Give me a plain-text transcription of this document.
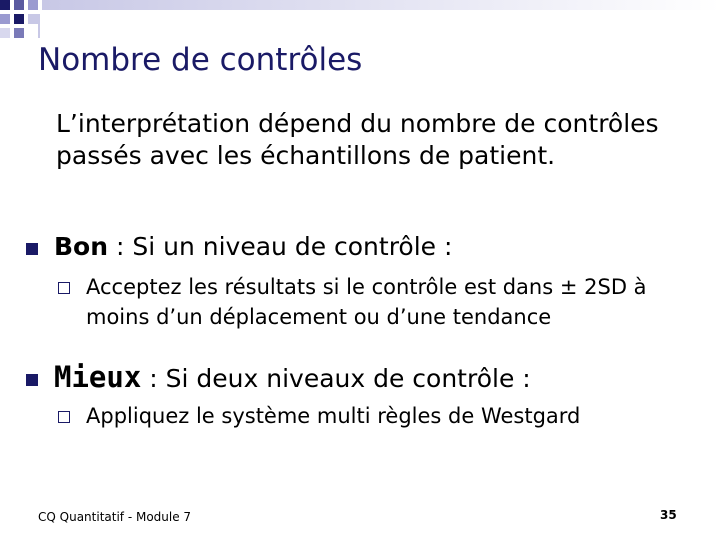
Nombre de contrôles
L’interprétation dépend du nombre de contrôles passés avec les échantillons de patient.
Bon : Si un niveau de contrôle :
Acceptez les résultats si le contrôle est dans ± 2SD à moins d’un déplacement ou d’une tendance
Mieux : Si deux niveaux de contrôle :
Appliquez le système multi règles de Westgard
CQ Quantitatif - Module 7	35
